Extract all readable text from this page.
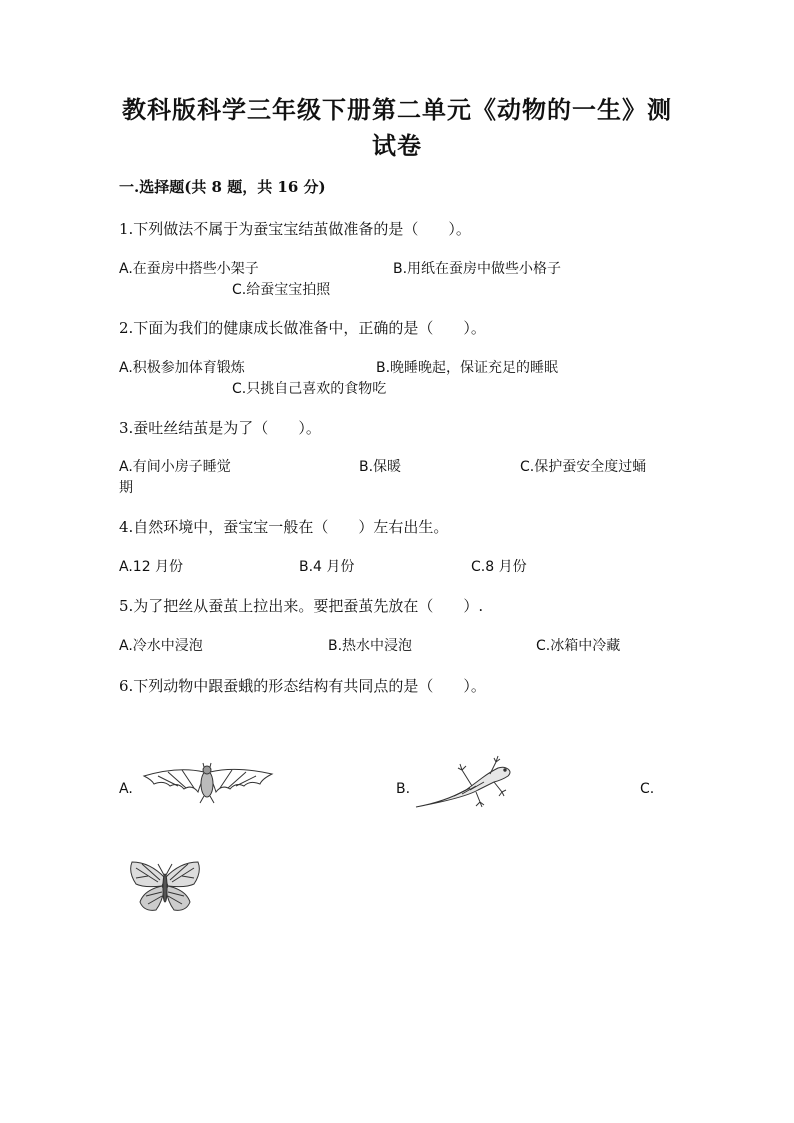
教科版科学三年级下册第二单元《动物的一生》测
试卷
一.选择题(共 8 题，共 16 分)
1.下列做法不属于为蚕宝宝结茧做准备的是（　　）。
A.在蚕房中搭些小架子	B.用纸在蚕房中做些小格子
C.给蚕宝宝拍照
2.下面为我们的健康成长做准备中，正确的是（　　）。
A.积极参加体育锻炼	B.晚睡晚起，保证充足的睡眠
C.只挑自己喜欢的食物吃
3.蚕吐丝结茧是为了（　　）。
A.有间小房子睡觉	B.保暖	C.保护蚕安全度过蛹
期
4.自然环境中，蚕宝宝一般在（　　）左右出生。
A.12 月份	B.4 月份	C.8 月份
5.为了把丝从蚕茧上拉出来。要把蚕茧先放在（　　）.
A.冷水中浸泡	B.热水中浸泡	C.冰箱中冷藏
6.下列动物中跟蚕蛾的形态结构有共同点的是（　　）。
A.	B.	C.
